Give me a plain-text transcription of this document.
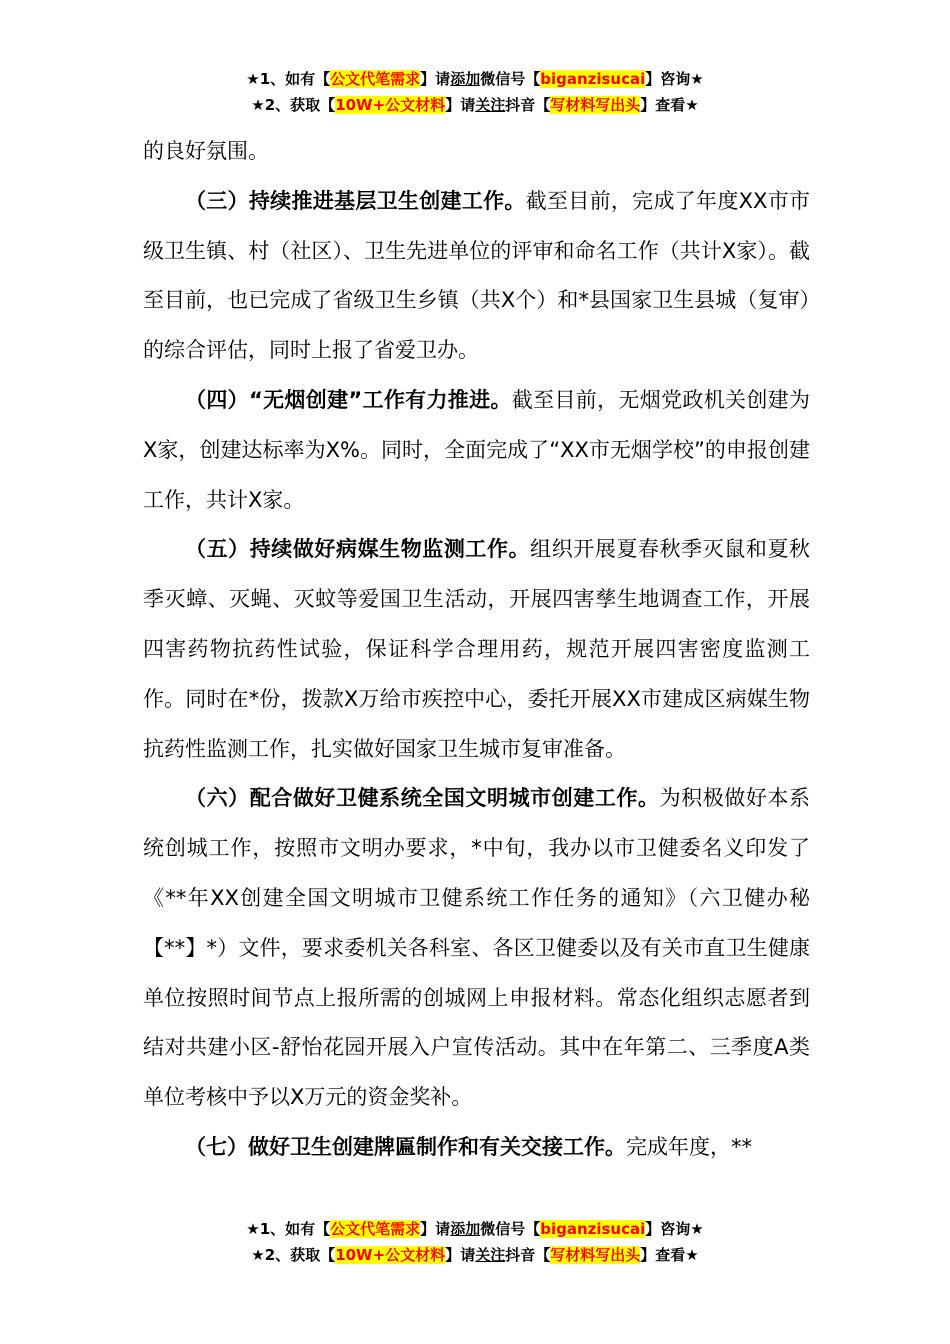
★1、如有【公文代笔需求】请添加微信号【biganzisucai】咨询★
★2、获取【10W+公文材料】请关注抖音【写材料写出头】查看★

的良好氛围。

（三）持续推进基层卫生创建工作。截至目前，完成了年度XX市市级卫生镇、村（社区）、卫生先进单位的评审和命名工作（共计X家）。截至目前，也已完成了省级卫生乡镇（共X个）和*县国家卫生县城（复审）的综合评估，同时上报了省爱卫办。

（四）“无烟创建”工作有力推进。截至目前，无烟党政机关创建为X家，创建达标率为X%。同时，全面完成了“XX市无烟学校”的申报创建工作，共计X家。

（五）持续做好病媒生物监测工作。组织开展夏春秋季灭鼠和夏秋季灭蟑、灭蝇、灭蚊等爱国卫生活动，开展四害孳生地调查工作，开展四害药物抗药性试验，保证科学合理用药，规范开展四害密度监测工作。同时在*份，拨款X万给市疾控中心，委托开展XX市建成区病媒生物抗药性监测工作，扎实做好国家卫生城市复审准备。

（六）配合做好卫健系统全国文明城市创建工作。为积极做好本系统创城工作，按照市文明办要求，*中旬，我办以市卫健委名义印发了《**年XX创建全国文明城市卫健系统工作任务的通知》（六卫健办秘【**】*）文件，要求委机关各科室、各区卫健委以及有关市直卫生健康单位按照时间节点上报所需的创城网上申报材料。常态化组织志愿者到结对共建小区-舒怡花园开展入户宣传活动。其中在年第二、三季度A类单位考核中予以X万元的资金奖补。

（七）做好卫生创建牌匾制作和有关交接工作。完成年度，**

★1、如有【公文代笔需求】请添加微信号【biganzisucai】咨询★
★2、获取【10W+公文材料】请关注抖音【写材料写出头】查看★
